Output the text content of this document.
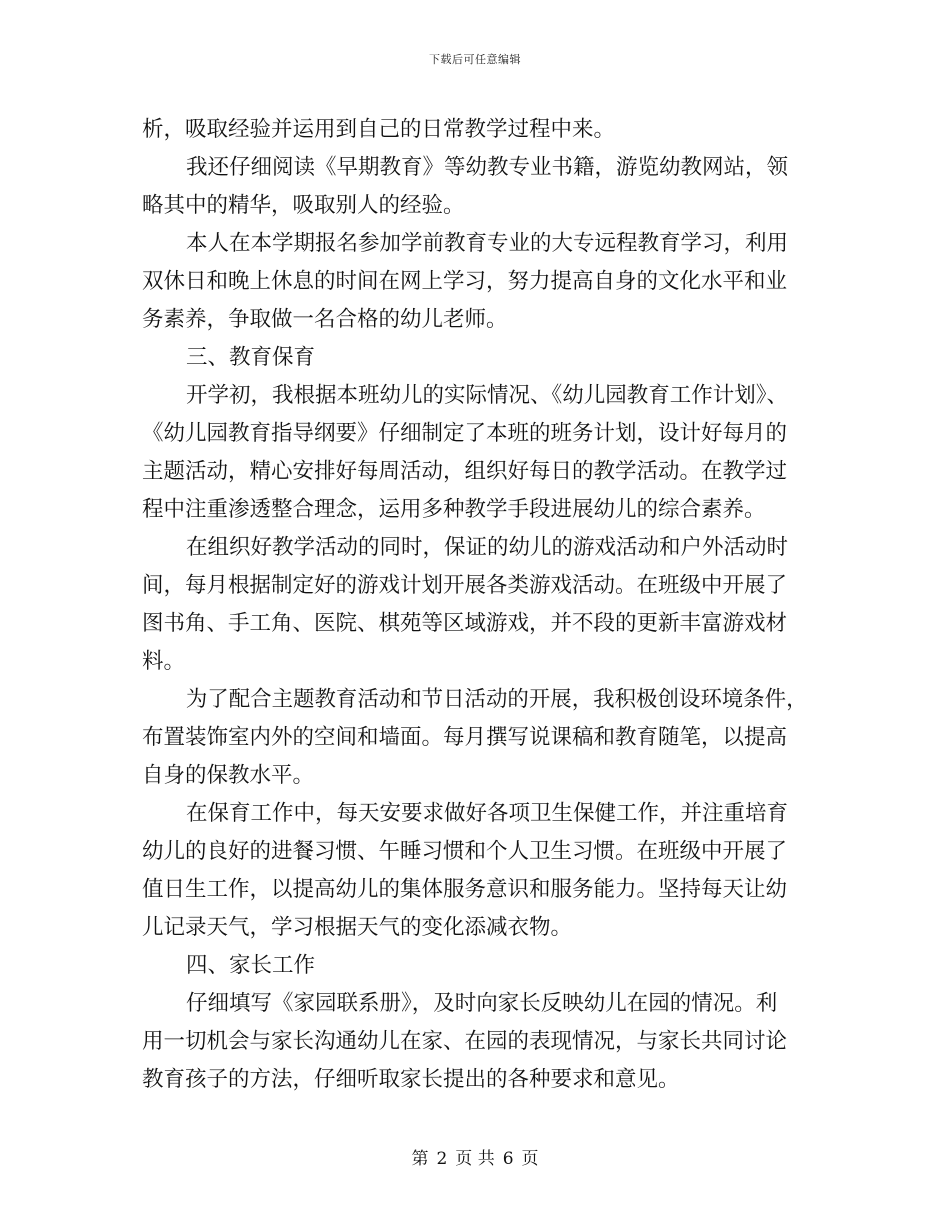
下载后可任意编辑
析，吸取经验并运用到自己的日常教学过程中来。
我还仔细阅读《早期教育》等幼教专业书籍，游览幼教网站，领
略其中的精华，吸取别人的经验。
本人在本学期报名参加学前教育专业的大专远程教育学习，利用
双休日和晚上休息的时间在网上学习，努力提高自身的文化水平和业
务素养，争取做一名合格的幼儿老师。
三、教育保育
开学初，我根据本班幼儿的实际情况、《幼儿园教育工作计划》、
《幼儿园教育指导纲要》仔细制定了本班的班务计划，设计好每月的
主题活动，精心安排好每周活动，组织好每日的教学活动。在教学过
程中注重渗透整合理念，运用多种教学手段进展幼儿的综合素养。
在组织好教学活动的同时，保证的幼儿的游戏活动和户外活动时
间，每月根据制定好的游戏计划开展各类游戏活动。在班级中开展了
图书角、手工角、医院、棋苑等区域游戏，并不段的更新丰富游戏材
料。
为了配合主题教育活动和节日活动的开展，我积极创设环境条件，
布置装饰室内外的空间和墙面。每月撰写说课稿和教育随笔，以提高
自身的保教水平。
在保育工作中，每天安要求做好各项卫生保健工作，并注重培育
幼儿的良好的进餐习惯、午睡习惯和个人卫生习惯。在班级中开展了
值日生工作，以提高幼儿的集体服务意识和服务能力。坚持每天让幼
儿记录天气，学习根据天气的变化添减衣物。
四、家长工作
仔细填写《家园联系册》，及时向家长反映幼儿在园的情况。利
用一切机会与家长沟通幼儿在家、在园的表现情况，与家长共同讨论
教育孩子的方法，仔细听取家长提出的各种要求和意见。
第 2 页 共 6 页
